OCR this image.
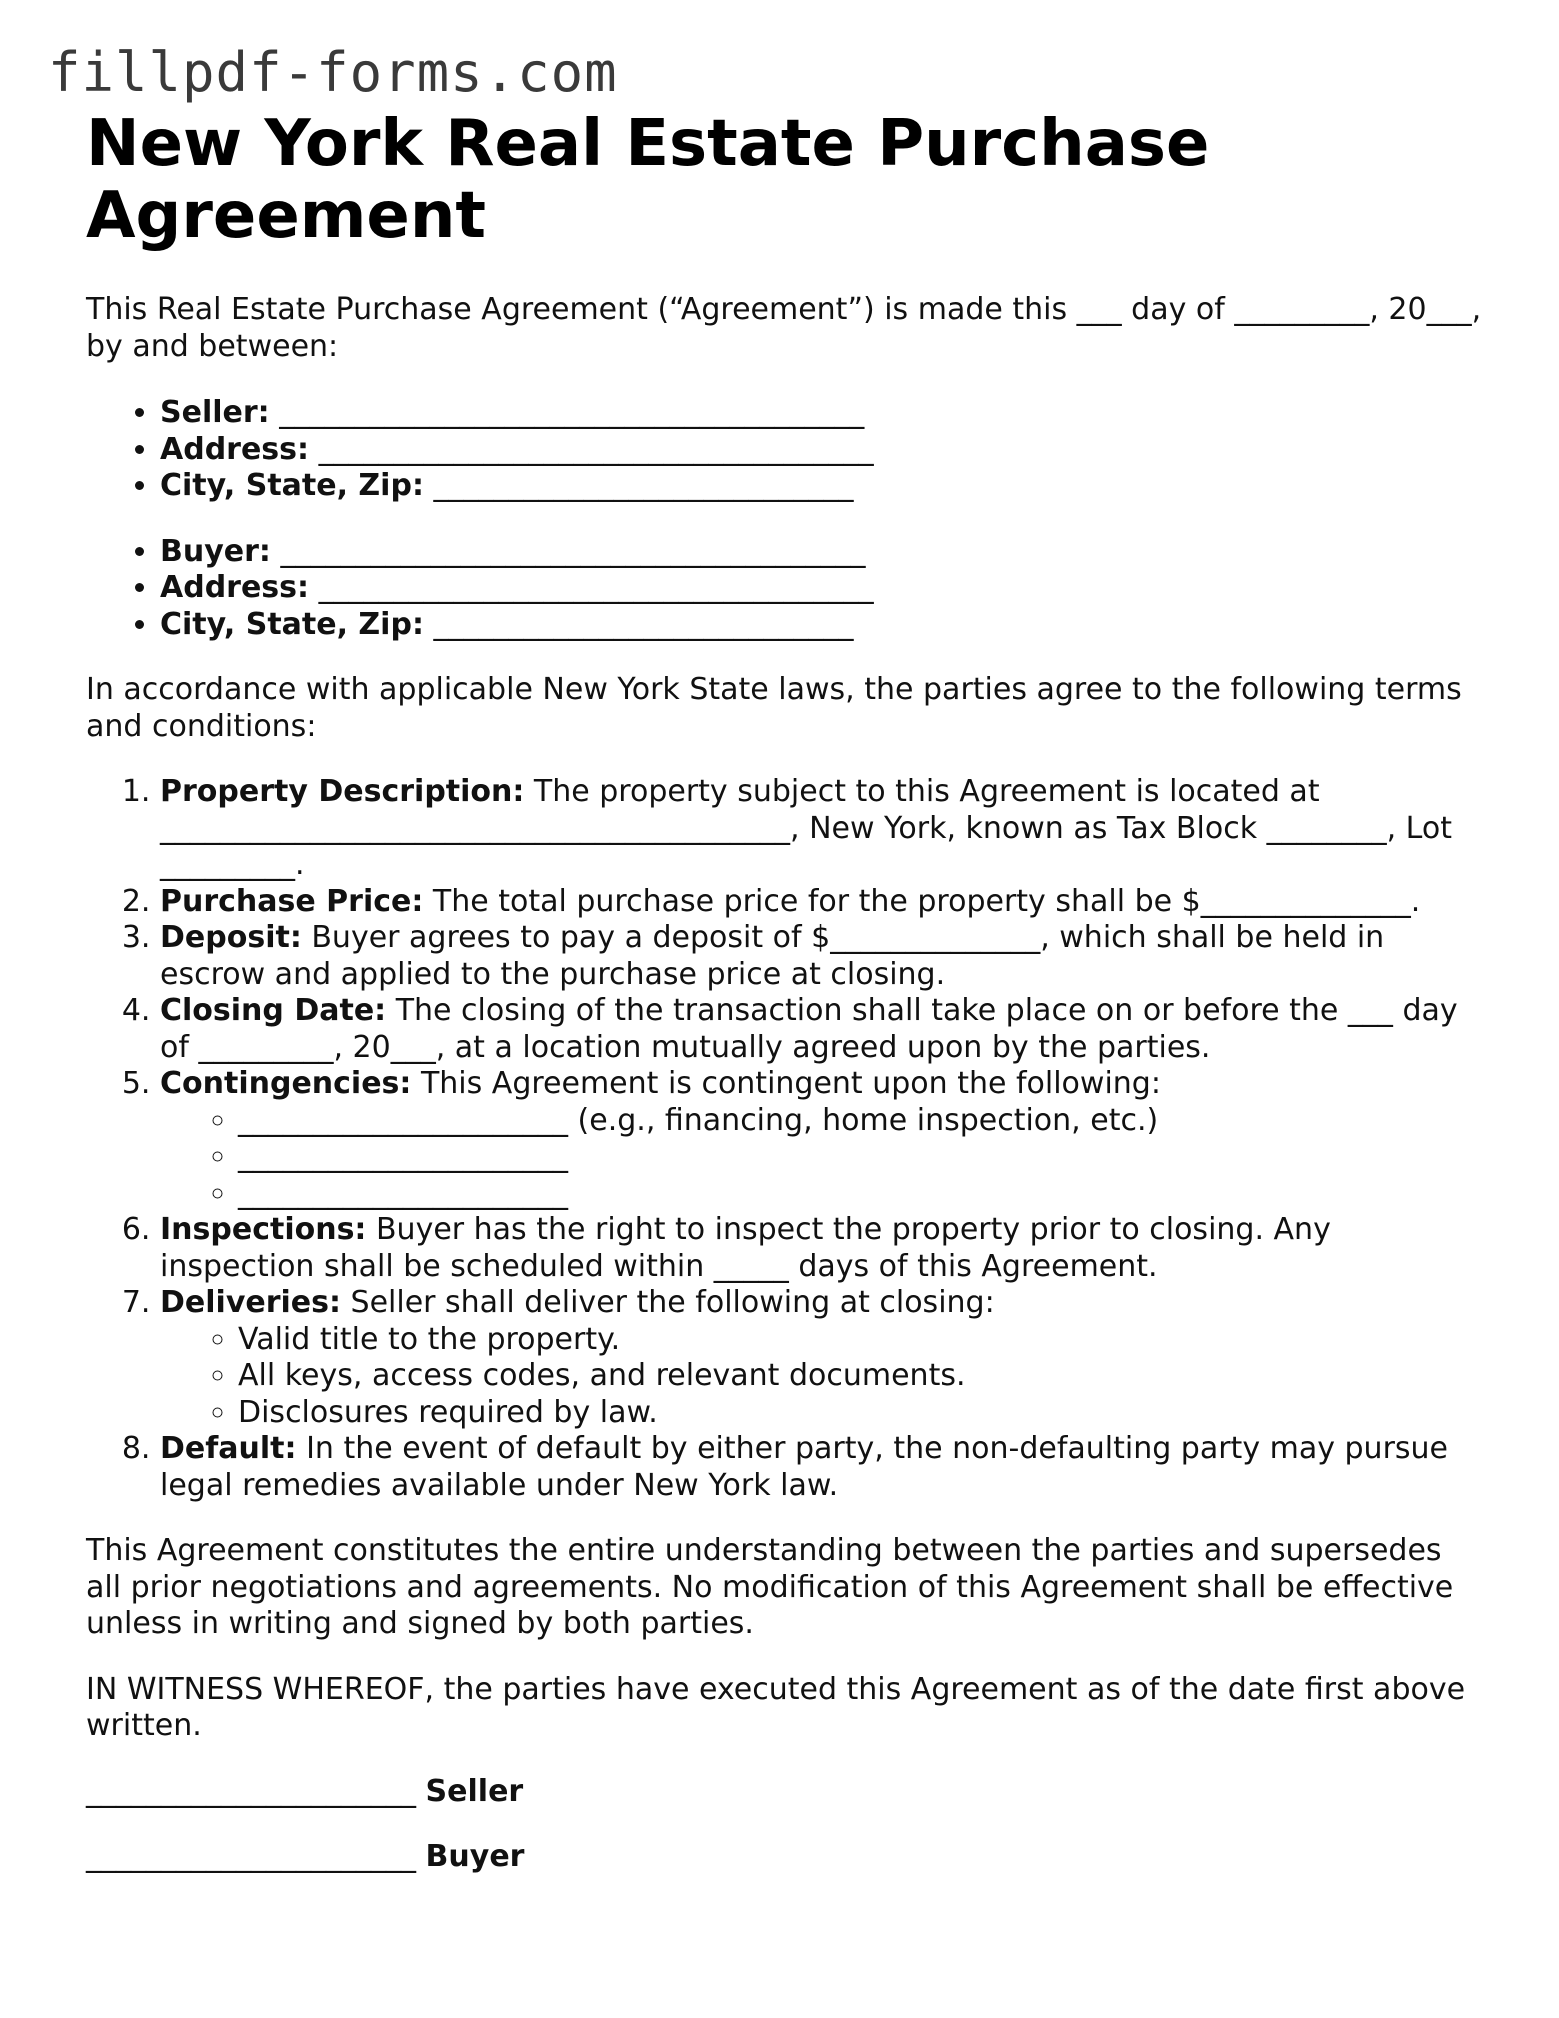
fillpdf-forms.com
New York Real Estate Purchase Agreement

This Real Estate Purchase Agreement (“Agreement”) is made this ___ day of _________, 20___, by and between:

• Seller: _______________________________________
• Address: _____________________________________
• City, State, Zip: ____________________________
• Buyer: _______________________________________
• Address: _____________________________________
• City, State, Zip: ____________________________

In accordance with applicable New York State laws, the parties agree to the following terms and conditions:

1. Property Description: The property subject to this Agreement is located at __________________________________________, New York, known as Tax Block ________, Lot _________.
2. Purchase Price: The total purchase price for the property shall be $______________.
3. Deposit: Buyer agrees to pay a deposit of $______________, which shall be held in escrow and applied to the purchase price at closing.
4. Closing Date: The closing of the transaction shall take place on or before the ___ day of _________, 20___, at a location mutually agreed upon by the parties.
5. Contingencies: This Agreement is contingent upon the following:
◦ ______________________ (e.g., financing, home inspection, etc.)
◦ ______________________
◦ ______________________
6. Inspections: Buyer has the right to inspect the property prior to closing. Any inspection shall be scheduled within _____ days of this Agreement.
7. Deliveries: Seller shall deliver the following at closing:
◦ Valid title to the property.
◦ All keys, access codes, and relevant documents.
◦ Disclosures required by law.
8. Default: In the event of default by either party, the non-defaulting party may pursue legal remedies available under New York law.

This Agreement constitutes the entire understanding between the parties and supersedes all prior negotiations and agreements. No modification of this Agreement shall be effective unless in writing and signed by both parties.

IN WITNESS WHEREOF, the parties have executed this Agreement as of the date first above written.

______________________ Seller

______________________ Buyer
